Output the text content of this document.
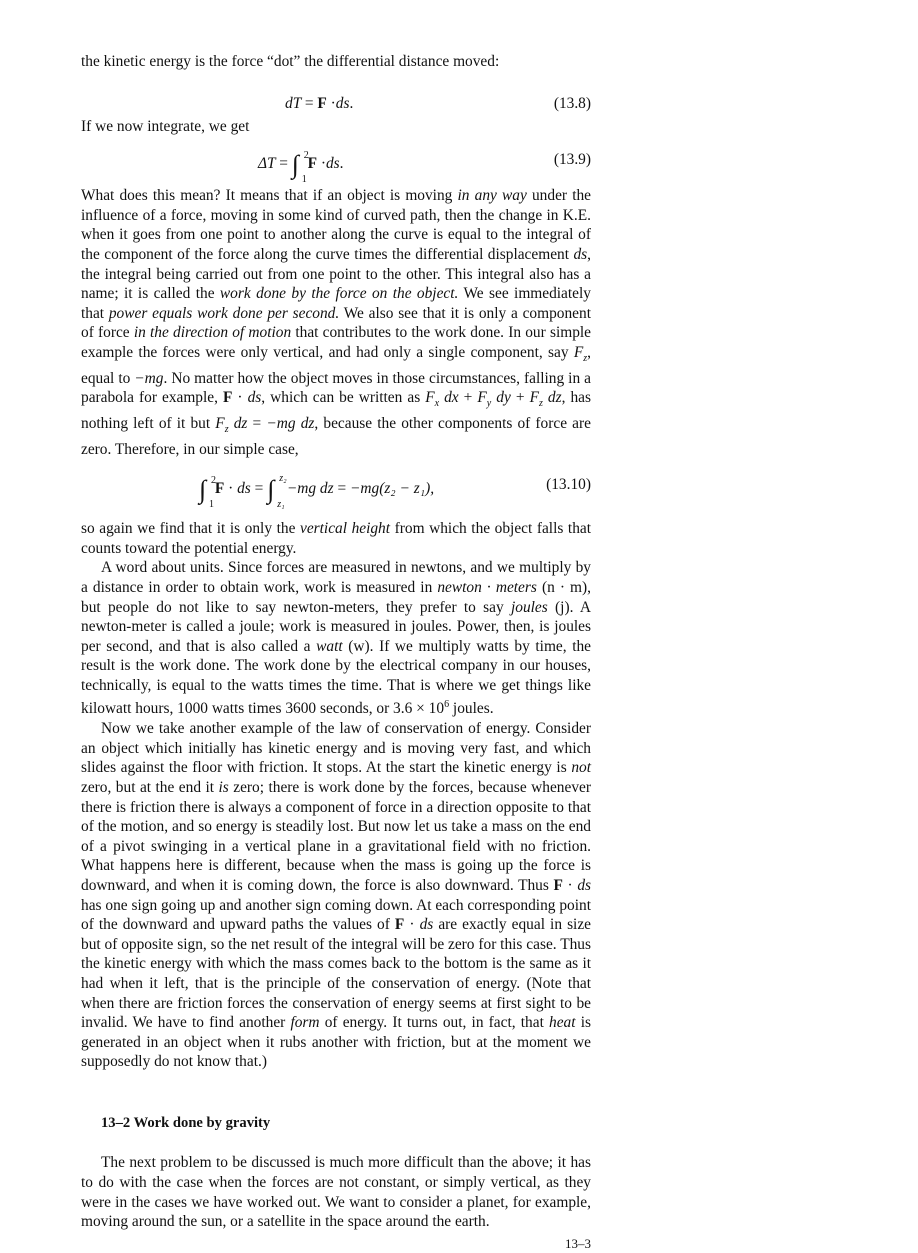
the kinetic energy is the force “dot” the differential distance moved:

dT = F ·ds.	(13.8)

If we now integrate, we get

ΔT = ∫ 2
1
F ·ds.	(13.9)

What does this mean? It means that if an object is moving in any way under the influence of a force, moving in some kind of curved path, then the change in K.E. when it goes from one point to another along the curve is equal to the integral of the component of the force along the curve times the differential displacement ds, the integral being carried out from one point to the other. This integral also has a name; it is called the work done by the force on the object. We see immediately that power equals work done per second. We also see that it is only a component of force in the direction of motion that contributes to the work done. In our simple example the forces were only vertical, and had only a single component, say $F_z$, equal to −mg. No matter how the object moves in those circumstances, falling in a parabola for example, F · ds, which can be written as $F_x$ dx + $F_y$ dy + $F_z$ dz, has nothing left of it but $F_z$ dz = −mg dz, because the other components of force are zero. Therefore, in our simple case,

∫ 2
1
F · ds = ∫ z₂
z₁
−mg dz = −mg(z₂ − z₁),	(13.10)

so again we find that it is only the vertical height from which the object falls that counts toward the potential energy.

A word about units. Since forces are measured in newtons, and we multiply by a distance in order to obtain work, work is measured in newton · meters (n · m), but people do not like to say newton-meters, they prefer to say joules (j). A newton-meter is called a joule; work is measured in joules. Power, then, is joules per second, and that is also called a watt (w). If we multiply watts by time, the result is the work done. The work done by the electrical company in our houses, technically, is equal to the watts times the time. That is where we get things like kilowatt hours, 1000 watts times 3600 seconds, or $3.6 \times 10^6$ joules.

Now we take another example of the law of conservation of energy. Consider an object which initially has kinetic energy and is moving very fast, and which slides against the floor with friction. It stops. At the start the kinetic energy is not zero, but at the end it is zero; there is work done by the forces, because whenever there is friction there is always a component of force in a direction opposite to that of the motion, and so energy is steadily lost. But now let us take a mass on the end of a pivot swinging in a vertical plane in a gravitational field with no friction. What happens here is different, because when the mass is going up the force is downward, and when it is coming down, the force is also downward. Thus F · ds has one sign going up and another sign coming down. At each corresponding point of the downward and upward paths the values of F · ds are exactly equal in size but of opposite sign, so the net result of the integral will be zero for this case. Thus the kinetic energy with which the mass comes back to the bottom is the same as it had when it left, that is the principle of the conservation of energy. (Note that when there are friction forces the conservation of energy seems at first sight to be invalid. We have to find another form of energy. It turns out, in fact, that heat is generated in an object when it rubs another with friction, but at the moment we supposedly do not know that.)

13–2 Work done by gravity

The next problem to be discussed is much more difficult than the above; it has to do with the case when the forces are not constant, or simply vertical, as they were in the cases we have worked out. We want to consider a planet, for example, moving around the sun, or a satellite in the space around the earth.

13–3
